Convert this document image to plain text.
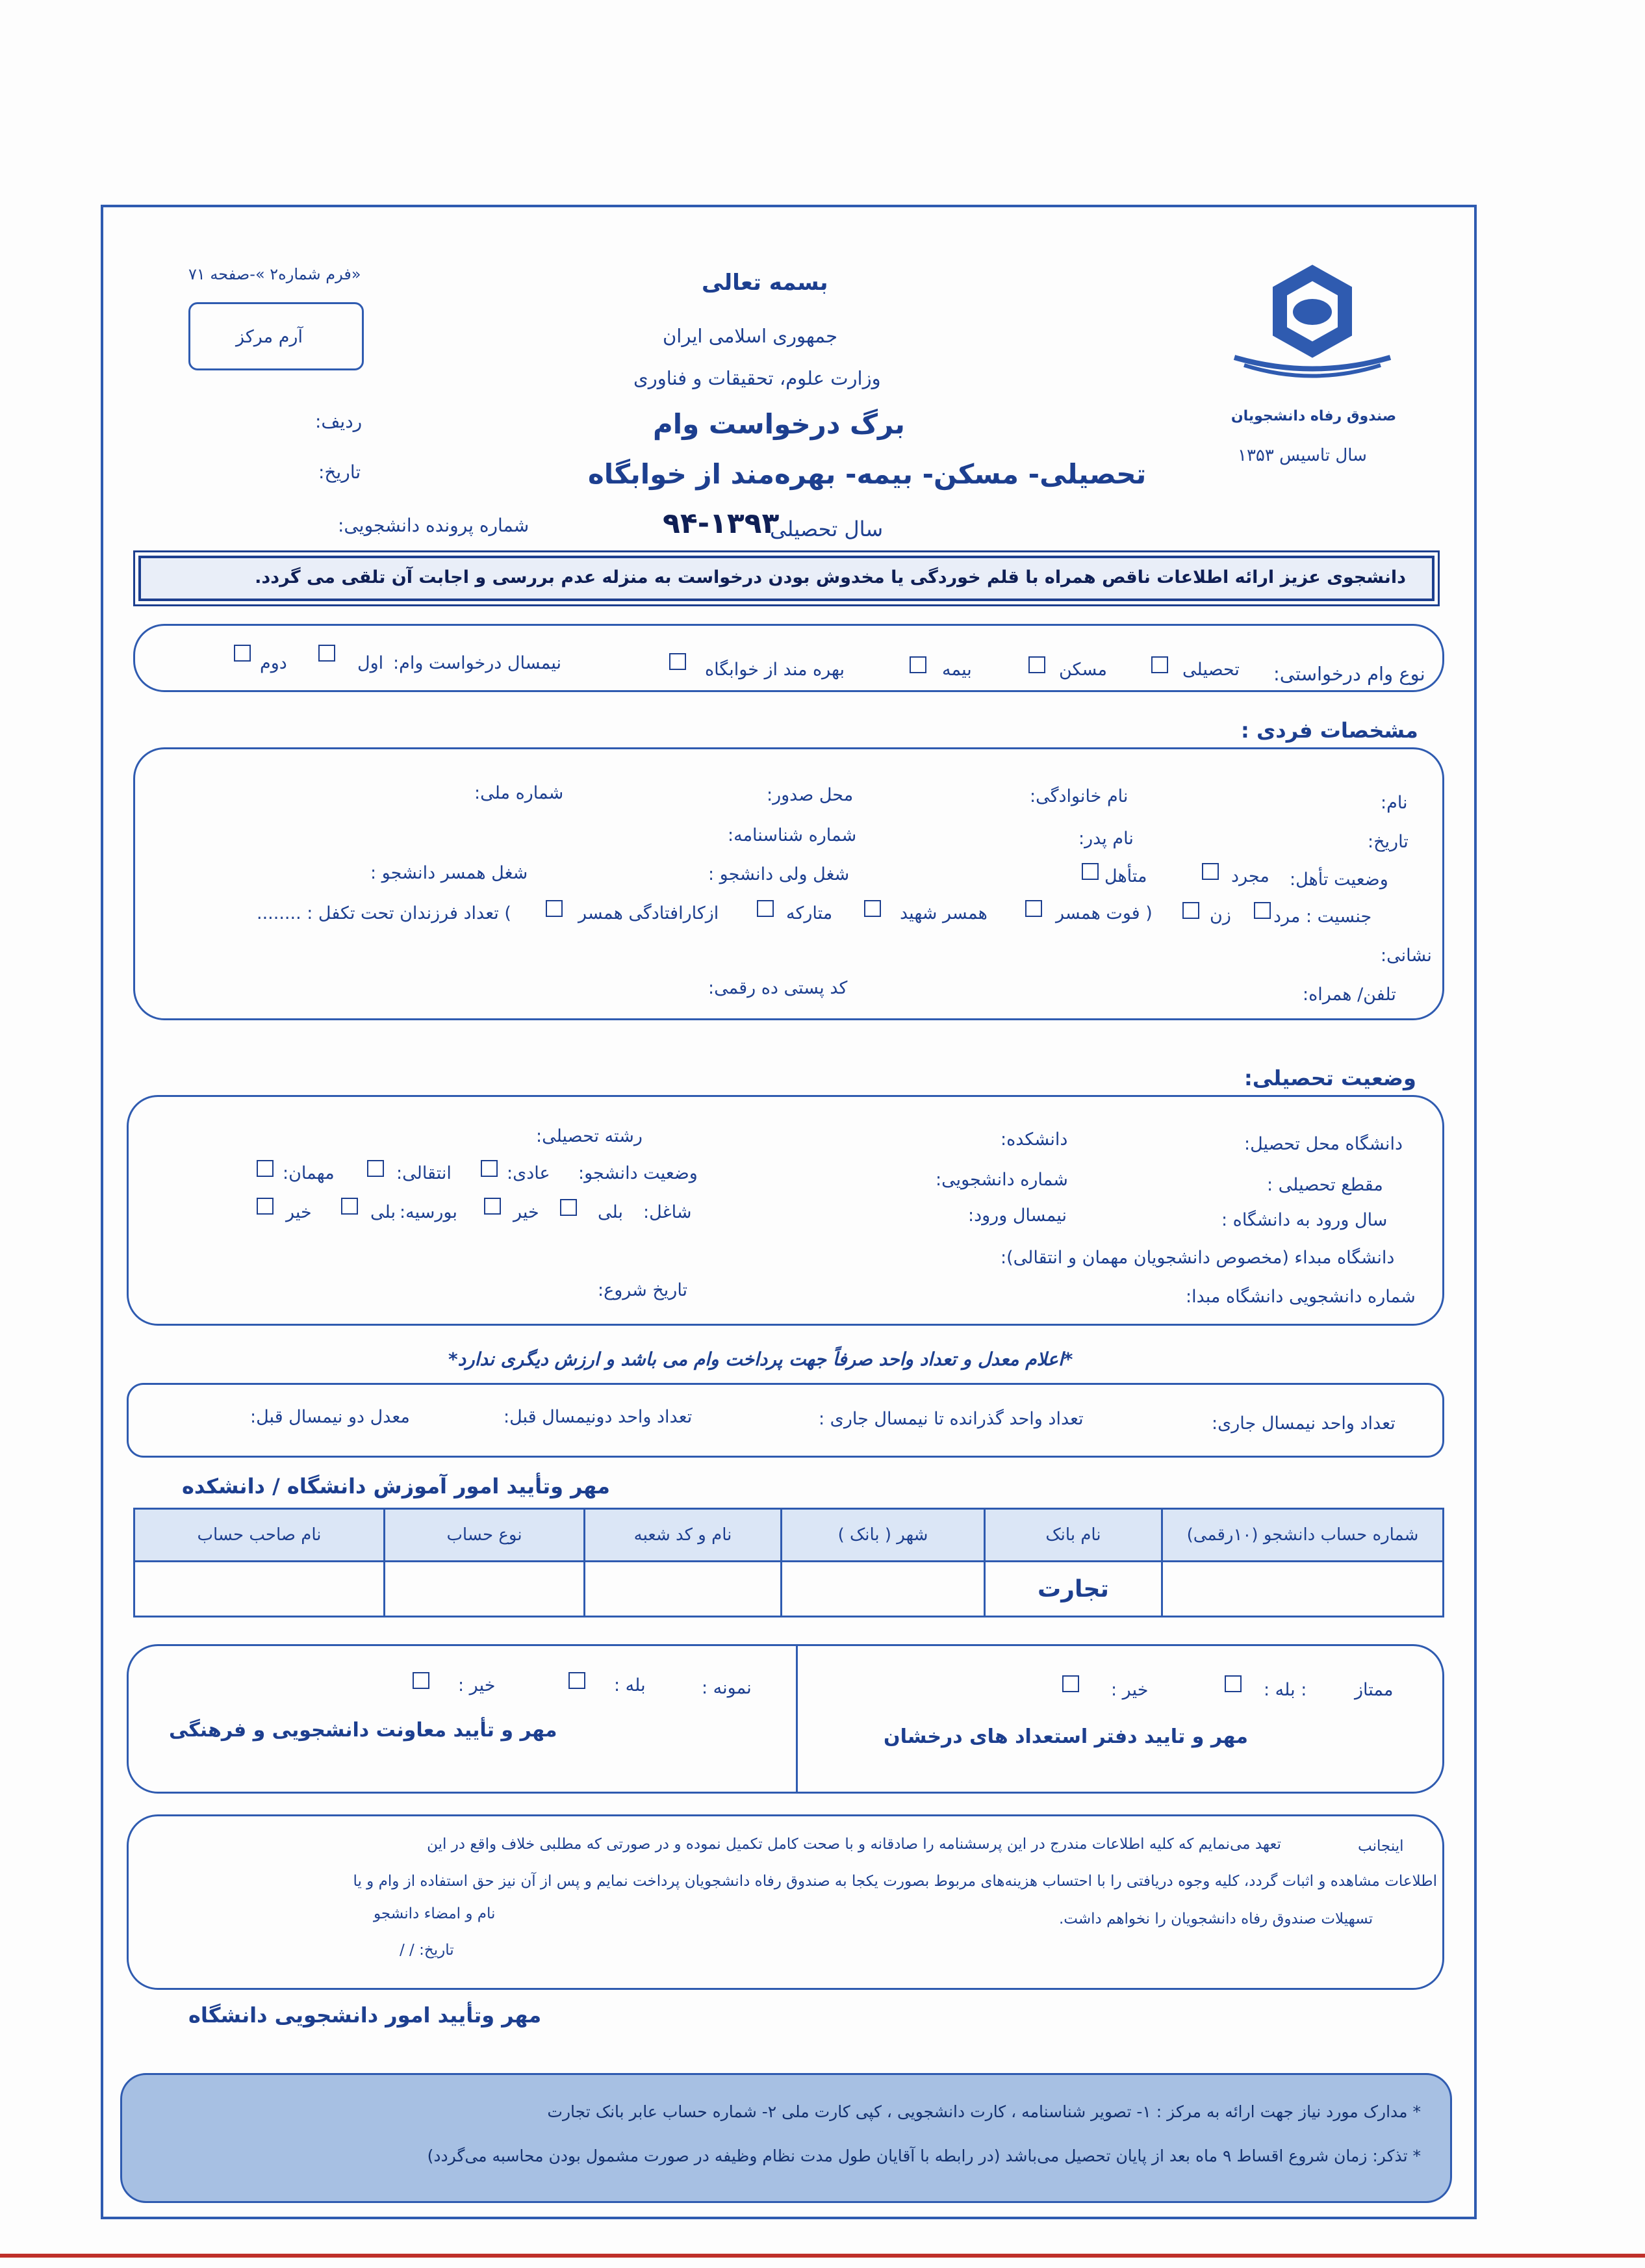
«فرم شماره۲ »-صفحه ۷۱
آرم مرکز
صندوق رفاه دانشجویان
سال تاسیس ۱۳۵۳
بسمه تعالی
جمهوری اسلامی ایران
وزارت علوم، تحقیقات و فناوری
برگ درخواست وام
تحصیلی- مسکن- بیمه- بهره‌مند از خوابگاه
سال تحصیلی
۹۴-۱۳۹۳
ردیف:
تاریخ:
شماره پرونده دانشجویی:
دانشجوی عزیز ارائه اطلاعات ناقص همراه با قلم خوردگی یا مخدوش بودن درخواست به منزله عدم بررسی و اجابت آن تلقی می گردد.
نوع وام درخواستی:
تحصیلی
مسکن
بیمه
بهره مند از خوابگاه
نیمسال درخواست وام:
اول
دوم
مشخصات فردی :
نام:
نام خانوادگی:
محل صدور:
شماره ملی:
تاریخ:
نام پدر:
شماره شناسنامه:
وضعیت تأهل:
مجرد
متأهل
شغل ولی دانشجو :
شغل همسر دانشجو :
جنسیت : مرد
زن
( فوت همسر
همسر شهید
متارکه
ازکارافتادگی همسر
) تعداد فرزندان تحت تکفل : ........
نشانی:
تلفن/ همراه:
کد پستی ده رقمی:
وضعیت تحصیلی:
دانشگاه محل تحصیل:
دانشکده:
رشته تحصیلی:
مقطع تحصیلی :
شماره دانشجویی:
وضعیت دانشجو:
عادی:
انتقالی:
مهمان:
سال ورود به دانشگاه :
نیمسال ورود:
شاغل:
بلی
خیر
بورسیه:
بلی
خیر
دانشگاه مبداء (مخصوص دانشجویان مهمان و انتقالی):
شماره دانشجویی دانشگاه مبدا:
تاریخ شروع:
*اعلام معدل و تعداد واحد صرفاً جهت پرداخت وام می باشد و ارزش دیگری ندارد*
تعداد واحد نیمسال جاری:
تعداد واحد گذرانده تا نیمسال جاری :
تعداد واحد دونیمسال قبل:
معدل دو نیمسال قبل:
مهر وتأیید امور آموزش دانشگاه / دانشکده
شماره حساب دانشجو (۱۰رقمی)	نام بانک	شهر ( بانک )	نام و کد شعبه	نوع حساب	نام صاحب حساب
	تجارت				
ممتاز
: بله :
خیر :
مهر و تایید دفتر استعداد های درخشان
نمونه :
بله :
خیر :
مهر و تأیید معاونت دانشجویی و فرهنگی
اینجانب
تعهد می‌نمایم که کلیه اطلاعات مندرج در این پرسشنامه را صادقانه و با صحت کامل تکمیل نموده و در صورتی که مطلبی خلاف واقع در این
اطلاعات مشاهده و اثبات گردد، کلیه وجوه دریافتی را با احتساب هزینه‌های مربوط بصورت یکجا به صندوق رفاه دانشجویان پرداخت نمایم و پس از آن نیز حق استفاده از وام و یا
تسهیلات صندوق رفاه دانشجویان را نخواهم داشت.
نام و امضاء دانشجو
تاریخ: / /
مهر وتأیید امور دانشجویی دانشگاه
* مدارک مورد نیاز جهت ارائه به مرکز : ۱- تصویر شناسنامه ، کارت دانشجویی ، کپی کارت ملی ۲- شماره حساب عابر بانک تجارت
* تذکر: زمان شروع اقساط ۹ ماه بعد از پایان تحصیل می‌باشد (در رابطه با آقایان طول مدت نظام وظیفه در صورت مشمول بودن محاسبه می‌گردد)
